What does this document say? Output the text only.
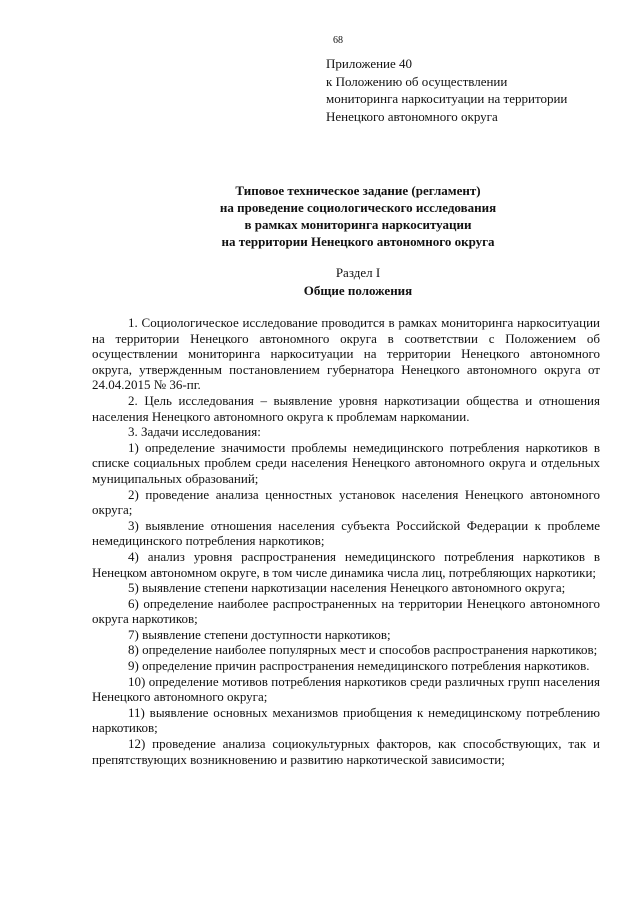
68
Приложение 40
к Положению об осуществлении
мониторинга наркоситуации на территории
Ненецкого автономного округа
Типовое техническое задание (регламент)
на проведение социологического исследования
в рамках мониторинга наркоситуации
на территории Ненецкого автономного округа
Раздел I
Общие положения

1. Социологическое исследование проводится в рамках мониторинга наркоситуации на территории Ненецкого автономного округа в соответствии с Положением об осуществлении мониторинга наркоситуации на территории Ненецкого автономного округа, утвержденным постановлением губернатора Ненецкого автономного округа от 24.04.2015 № 36-пг.

2. Цель исследования – выявление уровня наркотизации общества и отношения населения Ненецкого автономного округа к проблемам наркомании.

3. Задачи исследования:

1) определение значимости проблемы немедицинского потребления наркотиков в списке социальных проблем среди населения Ненецкого автономного округа и отдельных муниципальных образований;

2) проведение анализа ценностных установок населения Ненецкого автономного округа;

3) выявление отношения населения субъекта Российской Федерации к проблеме немедицинского потребления наркотиков;

4) анализ уровня распространения немедицинского потребления наркотиков в Ненецком автономном округе, в том числе динамика числа лиц, потребляющих наркотики;

5) выявление степени наркотизации населения Ненецкого автономного округа;

6) определение наиболее распространенных на территории Ненецкого автономного округа наркотиков;

7) выявление степени доступности наркотиков;

8) определение наиболее популярных мест и способов распространения наркотиков;

9) определение причин распространения немедицинского потребления наркотиков.

10) определение мотивов потребления наркотиков среди различных групп населения Ненецкого автономного округа;

11) выявление основных механизмов приобщения к немедицинскому потреблению наркотиков;

12) проведение анализа социокультурных факторов, как способствующих, так и препятствующих возникновению и развитию наркотической зависимости;
